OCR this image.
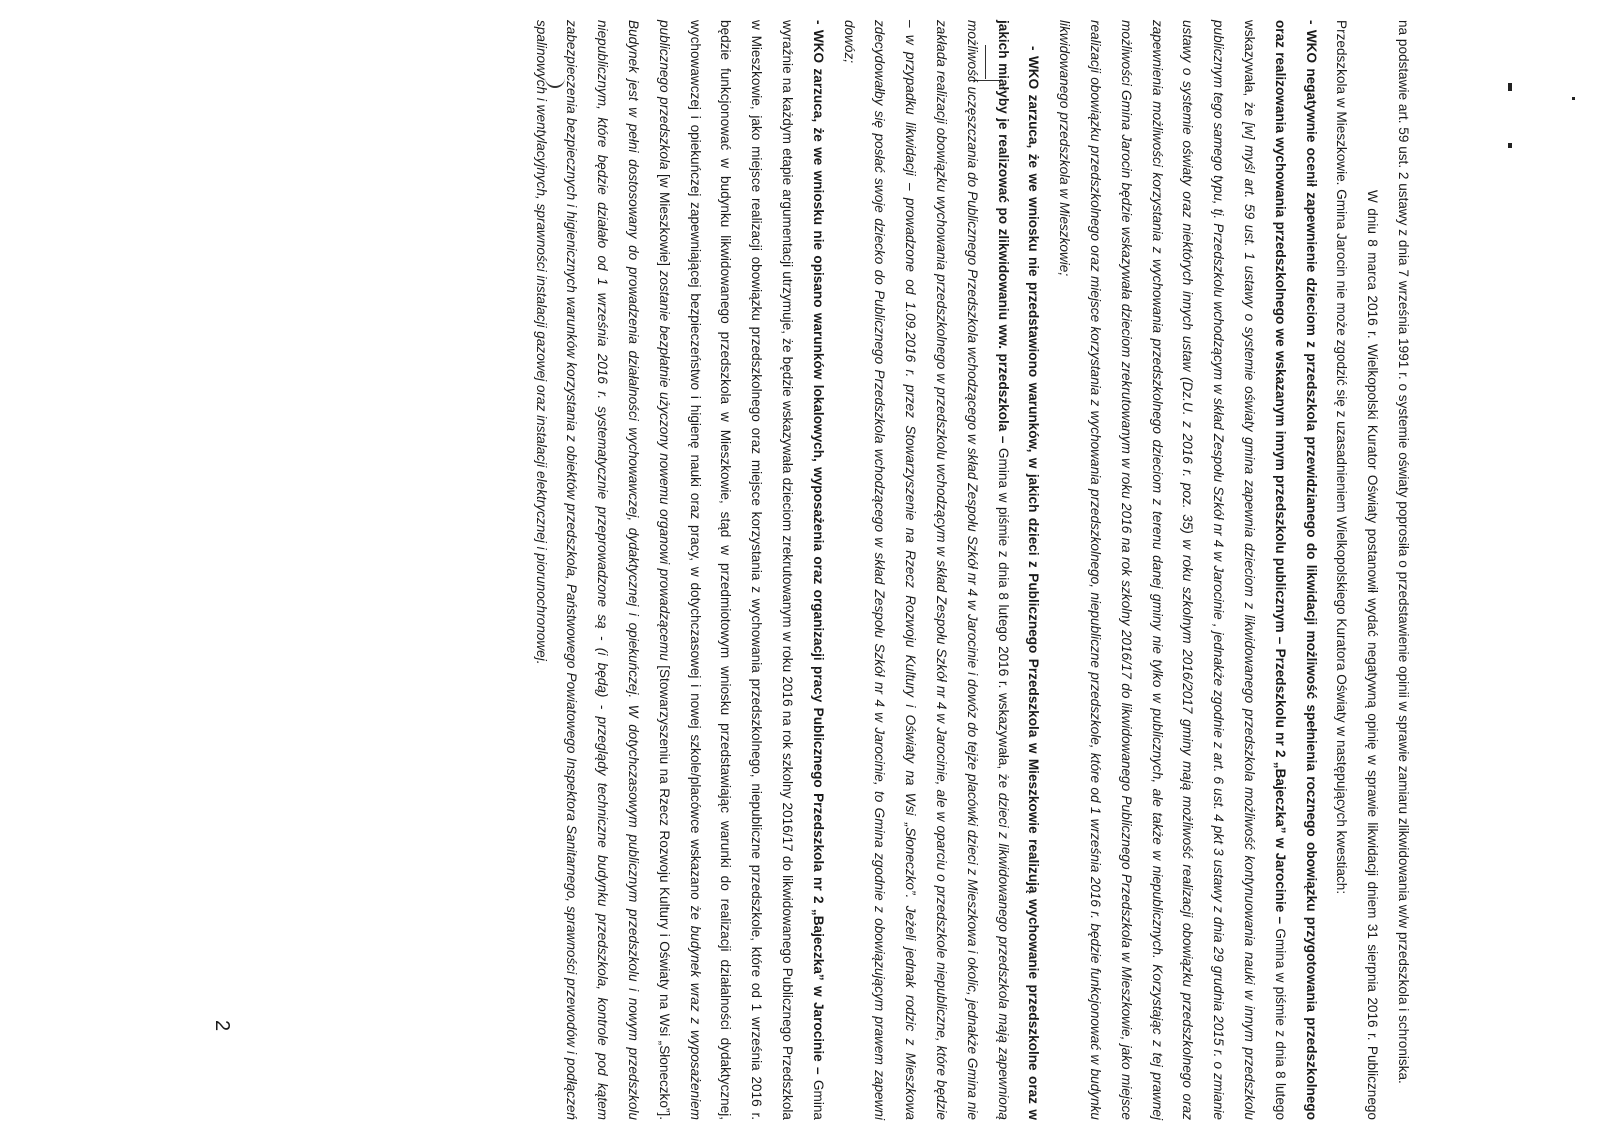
na podstawie art. 59 ust. 2 ustawy z dnia 7 września 1991 r. o systemie oświaty poprosiła o przedstawienie opinii w sprawie zamiaru zlikwidowania w/w przedszkola i schroniska.

W dniu 8 marca 2016 r. Wielkopolski Kurator Oświaty postanowił wydać negatywną opinię w sprawie likwidacji dniem 31 sierpnia 2016 r. Publicznego Przedszkola w Mieszkowie. Gmina Jarocin nie może zgodzić się z uzasadnieniem Wielkopolskiego Kuratora Oświaty w następujących kwestiach:

- WKO negatywnie ocenił zapewnienie dzieciom z przedszkola przewidzianego do likwidacji możliwość spełnienia rocznego obowiązku przygotowania przedszkolnego oraz realizowania wychowania przedszkolnego we wskazanym innym przedszkolu publicznym – Przedszkolu nr 2 „Bajeczka” w Jarocinie – Gmina w piśmie z dnia 8 lutego wskazywała, że [w] myśl art. 59 ust. 1 ustawy o systemie oświaty gmina zapewnia dzieciom z likwidowanego przedszkola możliwość kontynuowania nauki w innym przedszkolu publicznym tego samego typu, tj. Przedszkolu wchodzącym w skład Zespołu Szkół nr 4 w Jarocinie , jednakże zgodnie z art. 6 ust. 4 pkt 3 ustawy z dnia 29 grudnia 2015 r. o zmianie ustawy o systemie oświaty oraz niektórych innych ustaw (Dz.U. z 2016 r. poz. 35) w roku szkolnym 2016/2017 gminy mają możliwość realizacji obowiązku przedszkolnego oraz zapewnienia możliwości korzystania z wychowania przedszkolnego dzieciom z terenu danej gminy nie tylko w publicznych, ale także w niepublicznych. Korzystając z tej prawnej możliwości Gmina Jarocin będzie wskazywała dzieciom zrekrutowanym w roku 2016 na rok szkolny 2016/17 do likwidowanego Publicznego Przedszkola w Mieszkowie, jako miejsce realizacji obowiązku przedszkolnego oraz miejsce korzystania z wychowania przedszkolnego, niepubliczne przedszkole, które od 1 września 2016 r. będzie funkcjonować w budynku likwidowanego przedszkola w Mieszkowie;

- WKO zarzuca, że we wniosku nie przedstawiono warunków, w jakich dzieci z Publicznego Przedszkola w Mieszkowie realizują wychowanie przedszkolne oraz w jakich miałyby je realizować po zlikwidowaniu ww. przedszkola – Gmina w piśmie z dnia 8 lutego 2016 r. wskazywała, że dzieci z likwidowanego przedszkola mają zapewnioną możliwość uczęszczania do Publicznego Przedszkola wchodzącego w skład Zespołu Szkół nr 4 w Jarocinie i dowóz do tejże placówki dzieci z Mieszkowa i okolic, jednakże Gmina nie zakłada realizacji obowiązku wychowania przedszkolnego w przedszkolu wchodzącym w skład Zespołu Szkół nr 4 w Jarocinie, ale w oparciu o przedszkole niepubliczne, które będzie – w przypadku likwidacji – prowadzone od 1.09.2016 r. przez Stowarzyszenie na Rzecz Rozwoju Kultury i Oświaty na Wsi „Słoneczko”. Jeżeli jednak rodzic z Mieszkowa zdecydowałby się posłać swoje dziecko do Publicznego Przedszkola wchodzącego w skład Zespołu Szkół nr 4 w Jarocinie, to Gmina zgodnie z obowiązującym prawem zapewni dowóz;

- WKO zarzuca, że we wniosku nie opisano warunków lokalowych, wyposażenia oraz organizacji pracy Publicznego Przedszkola nr 2 „Bajeczka” w Jarocinie – Gmina wyraźnie na każdym etapie argumentacji utrzymuje, że będzie wskazywała dzieciom zrekrutowanym w roku 2016 na rok szkolny 2016/17 do likwidowanego Publicznego Przedszkola w Mieszkowie, jako miejsce realizacji obowiązku przedszkolnego oraz miejsce korzystania z wychowania przedszkolnego, niepubliczne przedszkole, które od 1 września 2016 r. będzie funkcjonować w budynku likwidowanego przedszkola w Mieszkowie, stąd w przedmiotowym wniosku przedstawiając warunki do realizacji działalności dydaktycznej, wychowawczej i opiekuńczej zapewniającej bezpieczeństwo i higienę nauki oraz pracy, w dotychczasowej i nowej szkole/placówce wskazano że budynek wraz z wyposażeniem publicznego przedszkola [w Mieszkowie] zostanie bezpłatnie użyczony nowemu organowi prowadzącemu [Stowarzyszeniu na Rzecz Rozwoju Kultury i Oświaty na Wsi „Słoneczko”]. Budynek jest w pełni dostosowany do prowadzenia działalności wychowawczej, dydaktycznej i opiekuńczej. W dotychczasowym publicznym przedszkolu i nowym przedszkolu niepublicznym, które będzie działało od 1 września 2016 r. systematycznie przeprowadzone są - (i będą) - przeglądy techniczne budynku przedszkola, kontrole pod kątem zabezpieczenia bezpiecznych i higienicznych warunków korzystania z obiektów przedszkola, Państwowego Powiatowego Inspektora Sanitarnego, sprawności przewodów i podłączeń spalinowych i wentylacyjnych, sprawności instalacji gazowej oraz instalacji elektrycznej i piorunochronowej.

2
